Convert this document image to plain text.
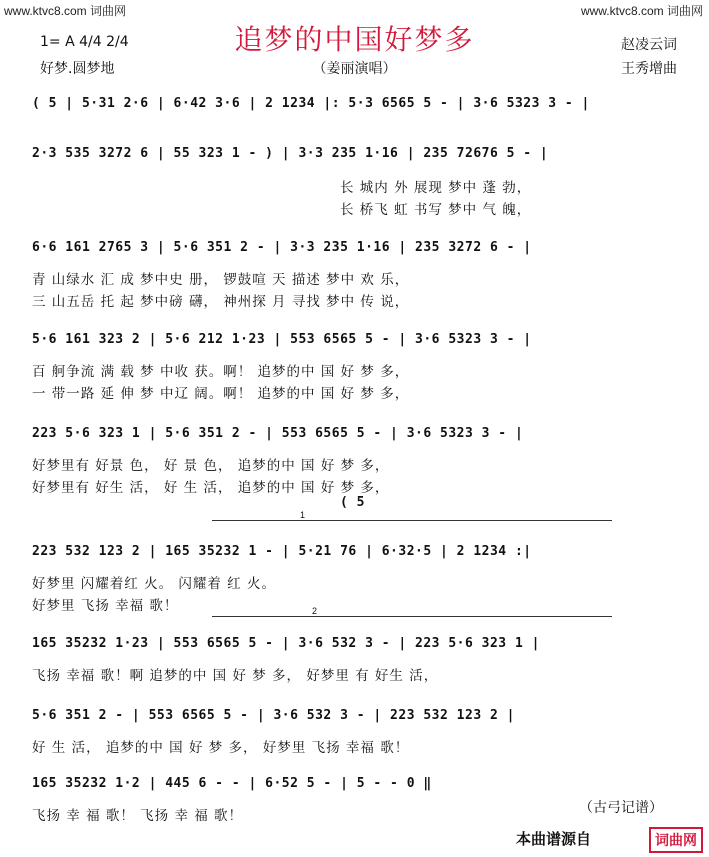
www.ktvc8.com 词曲网	www.ktvc8.com 词曲网
追梦的中国好梦多
1= A 4/4 2/4
好梦.圆梦地	（姜丽演唱）
赵凌云词
王秀增曲
( 5 | 5·31 2·6 | 6·42 3·6 | 2 1234 |: 5·3 6565 5 - | 3·6 5323 3 - |
2·3 535 3272 6 | 55 323 1 - ) | 3·3 235 1·16 | 235 72676 5 - |
长 城内 外 展现 梦中 蓬 勃，
长 桥飞 虹 书写 梦中 气 魄，
6·6 161 2765 3 | 5·6 351 2 - | 3·3 235 1·16 | 235 3272 6 - |
青 山绿水 汇 成 梦中史 册， 锣鼓喧 天 描述 梦中 欢 乐，
三 山五岳 托 起 梦中磅 礴， 神州探 月 寻找 梦中 传 说，
5·6 161 323 2 | 5·6 212 1·23 | 553 6565 5 - | 3·6 5323 3 - |
百 舸争流 满 载 梦 中收 获。啊！ 追梦的中 国 好 梦 多，
一 带一路 延 伸 梦 中辽 阔。啊！ 追梦的中 国 好 梦 多，
223 5·6 323 1 | 5·6 351 2 - | 553 6565 5 - | 3·6 5323 3 - |
好梦里有 好景 色， 好 景 色， 追梦的中 国 好 梦 多，
好梦里有 好生 活， 好 生 活， 追梦的中 国 好 梦 多，
( 5
1
223 532 123 2 | 165 35232 1 - | 5·21 76 | 6·32·5 | 2 1234 :|
好梦里 闪耀着红 火。 闪耀着 红 火。
好梦里 飞扬 幸福 歌！	2
165 35232 1·23 | 553 6565 5 - | 3·6 532 3 - | 223 5·6 323 1 |
飞扬 幸福 歌！啊 追梦的中 国 好 梦 多， 好梦里 有 好生 活，
5·6 351 2 - | 553 6565 5 - | 3·6 532 3 - | 223 532 123 2 |
好 生 活， 追梦的中 国 好 梦 多， 好梦里 飞扬 幸福 歌！
165 35232 1·2 | 445 6 - - | 6·52 5 - | 5 - - 0 ‖
飞扬 幸 福 歌！ 飞扬 幸 福 歌！	（古弓记谱）
本曲谱源自	词曲网
